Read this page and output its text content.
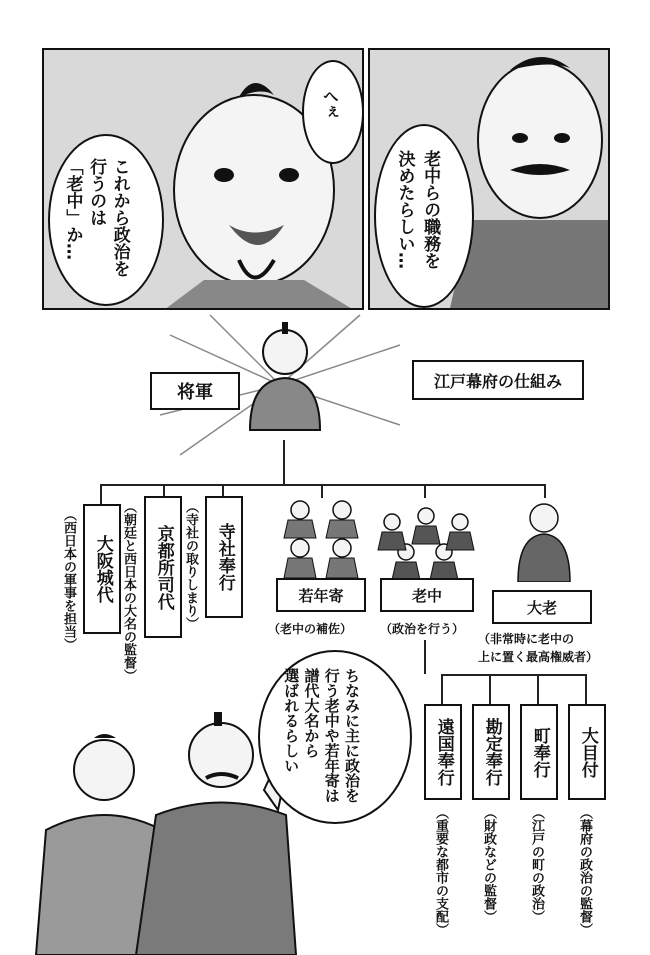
へぇ
これから政治を
行うのは
「老中」か…	老中らの職務を
決めたらしい…
将軍
江戸幕府の仕組み
寺社奉行
（寺社の取りしまり）
京都所司代
（朝廷と西日本の大名の監督）
大阪城代
（西日本の軍事を担当）	若年寄
（老中の補佐）
老中
（政治を行う）
大老
（非常時に老中の
上に置く最高権威者）
大目付
（幕府の政治の監督）
町奉行
（江戸の町の政治）
勘定奉行
（財政などの監督）
遠国奉行
（重要な都市の支配）
ちなみに主に政治を
行う老中や若年寄は
譜代大名から
選ばれるらしい
